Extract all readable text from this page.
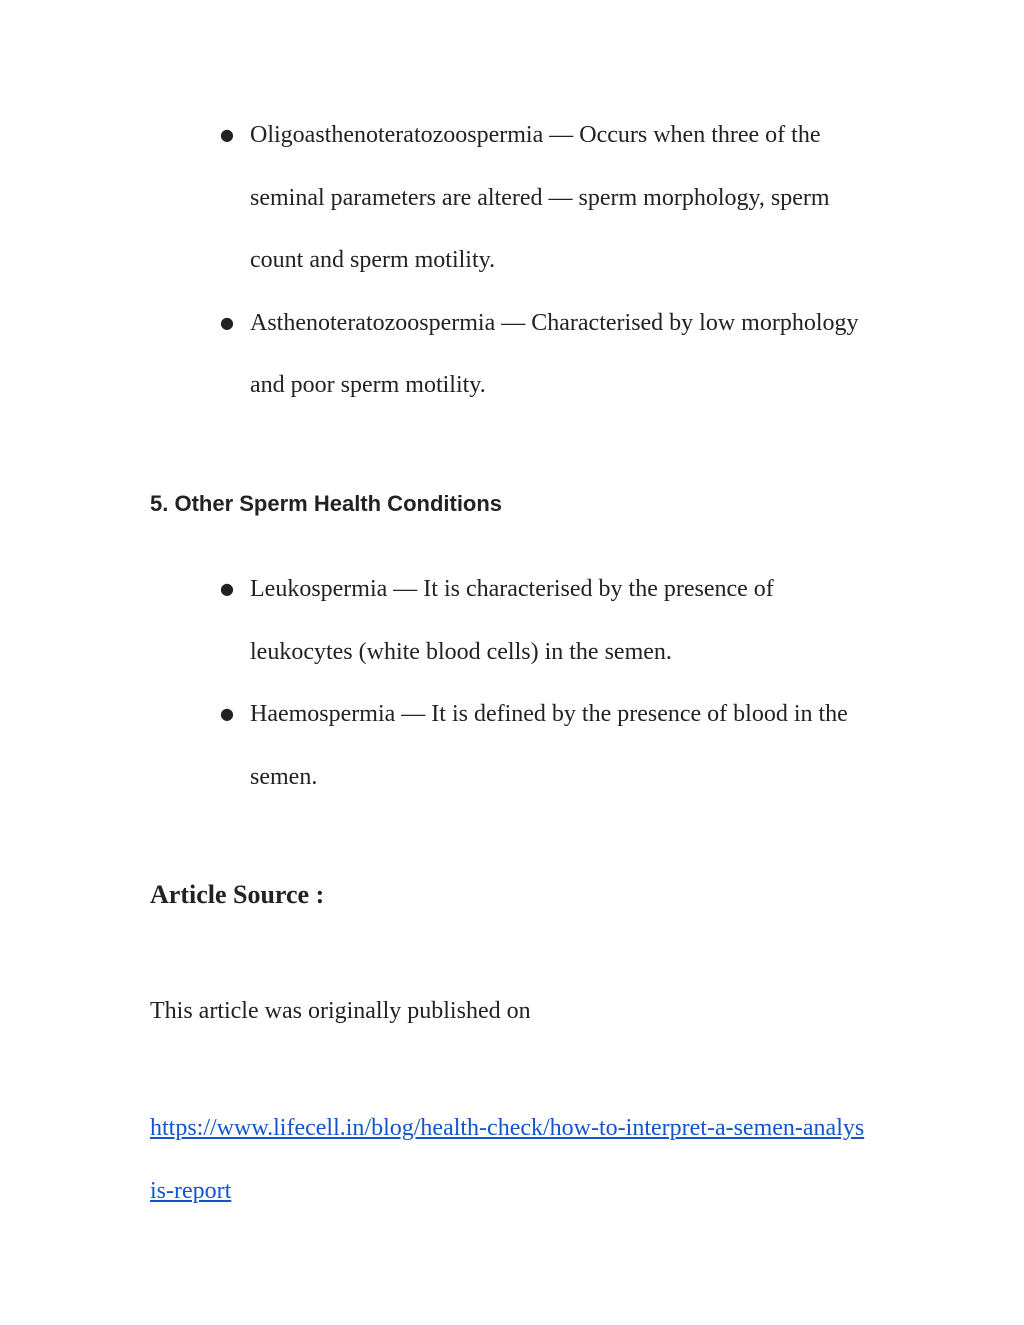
● Oligoasthenoteratozoospermia — Occurs when three of the seminal parameters are altered — sperm morphology, sperm count and sperm motility.
● Asthenoteratozoospermia — Characterised by low morphology and poor sperm motility.
5. Other Sperm Health Conditions
● Leukospermia — It is characterised by the presence of leukocytes (white blood cells) in the semen.
● Haemospermia — It is defined by the presence of blood in the semen.
Article Source :

This article was originally published on

https://www.lifecell.in/blog/health-check/how-to-interpret-a-semen-analysis-report
